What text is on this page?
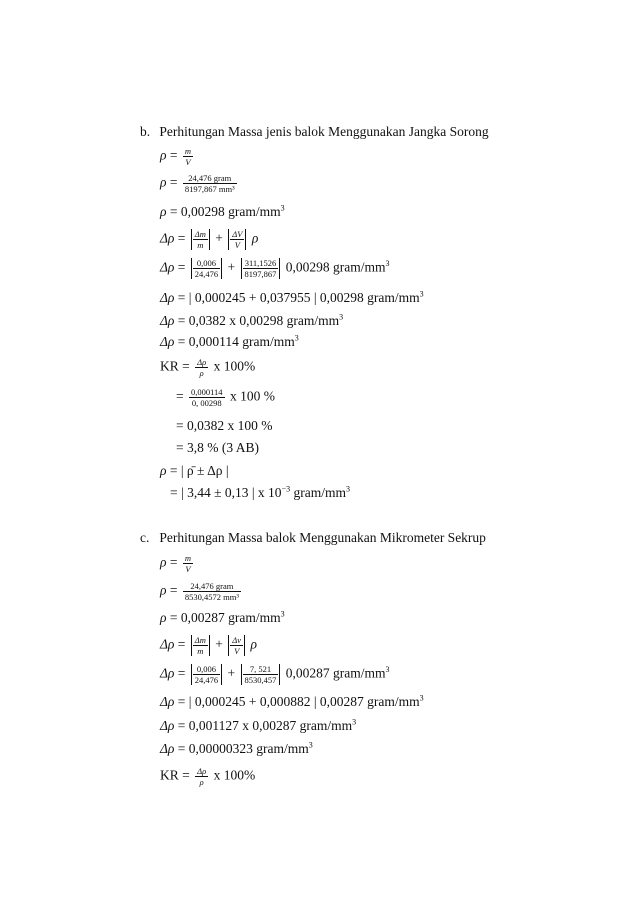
b. Perhitungan Massa jenis balok Menggunakan Jangka Sorong
$\rho = \frac{m}{V}$
$\rho = \frac{\text{24,476 gram}}{\text{8197,867 mm³}}$
ρ = 0,00298 gram/$mm^3$
$\Delta\rho = \frac{\Delta m}{m} + \frac{\Delta V}{V}$ ρ
$\Delta\rho = \frac{0,006}{24,476} + \frac{311,1526}{8197,867} 0,00298$ gram/$mm^3$
Δρ = | 0,000245 + 0,037955 | 0,00298 gram/$mm^3$
Δρ = 0,0382 x 0,00298 gram/$mm^3$
Δρ = 0,000114 gram/$mm^3$
KR = $\frac{\Delta\rho}{\rho}$ x 100%
= $\frac{0,000114}{0, 00298}$ x 100 %
= 0,0382 x 100 %
= 3,8 % (3 AB)
ρ = | ρ̄ ± Δρ |
= | 3,44 ± 0,13 | x $10^{-3}$ gram/$mm^3$
c. Perhitungan Massa balok Menggunakan Mikrometer Sekrup
$\rho = \frac{m}{V}$
$\rho = \frac{\text{24,476 gram}}{\text{8530,4572 mm³}}$
ρ = 0,00287 gram/$mm^3$
$\Delta\rho = \frac{\Delta m}{m} + \frac{\Delta v}{V}$ ρ
$\Delta\rho = \frac{0,006}{24,476} + \frac{7, 521}{8530,457} 0,00287$ gram/$mm^3$
Δρ = | 0,000245 + 0,000882 | 0,00287 gram/$mm^3$
Δρ = 0,001127 x 0,00287 gram/$mm^3$
Δρ = 0,00000323 gram/$mm^3$
KR = $\frac{\Delta\rho}{\rho}$ x 100%
